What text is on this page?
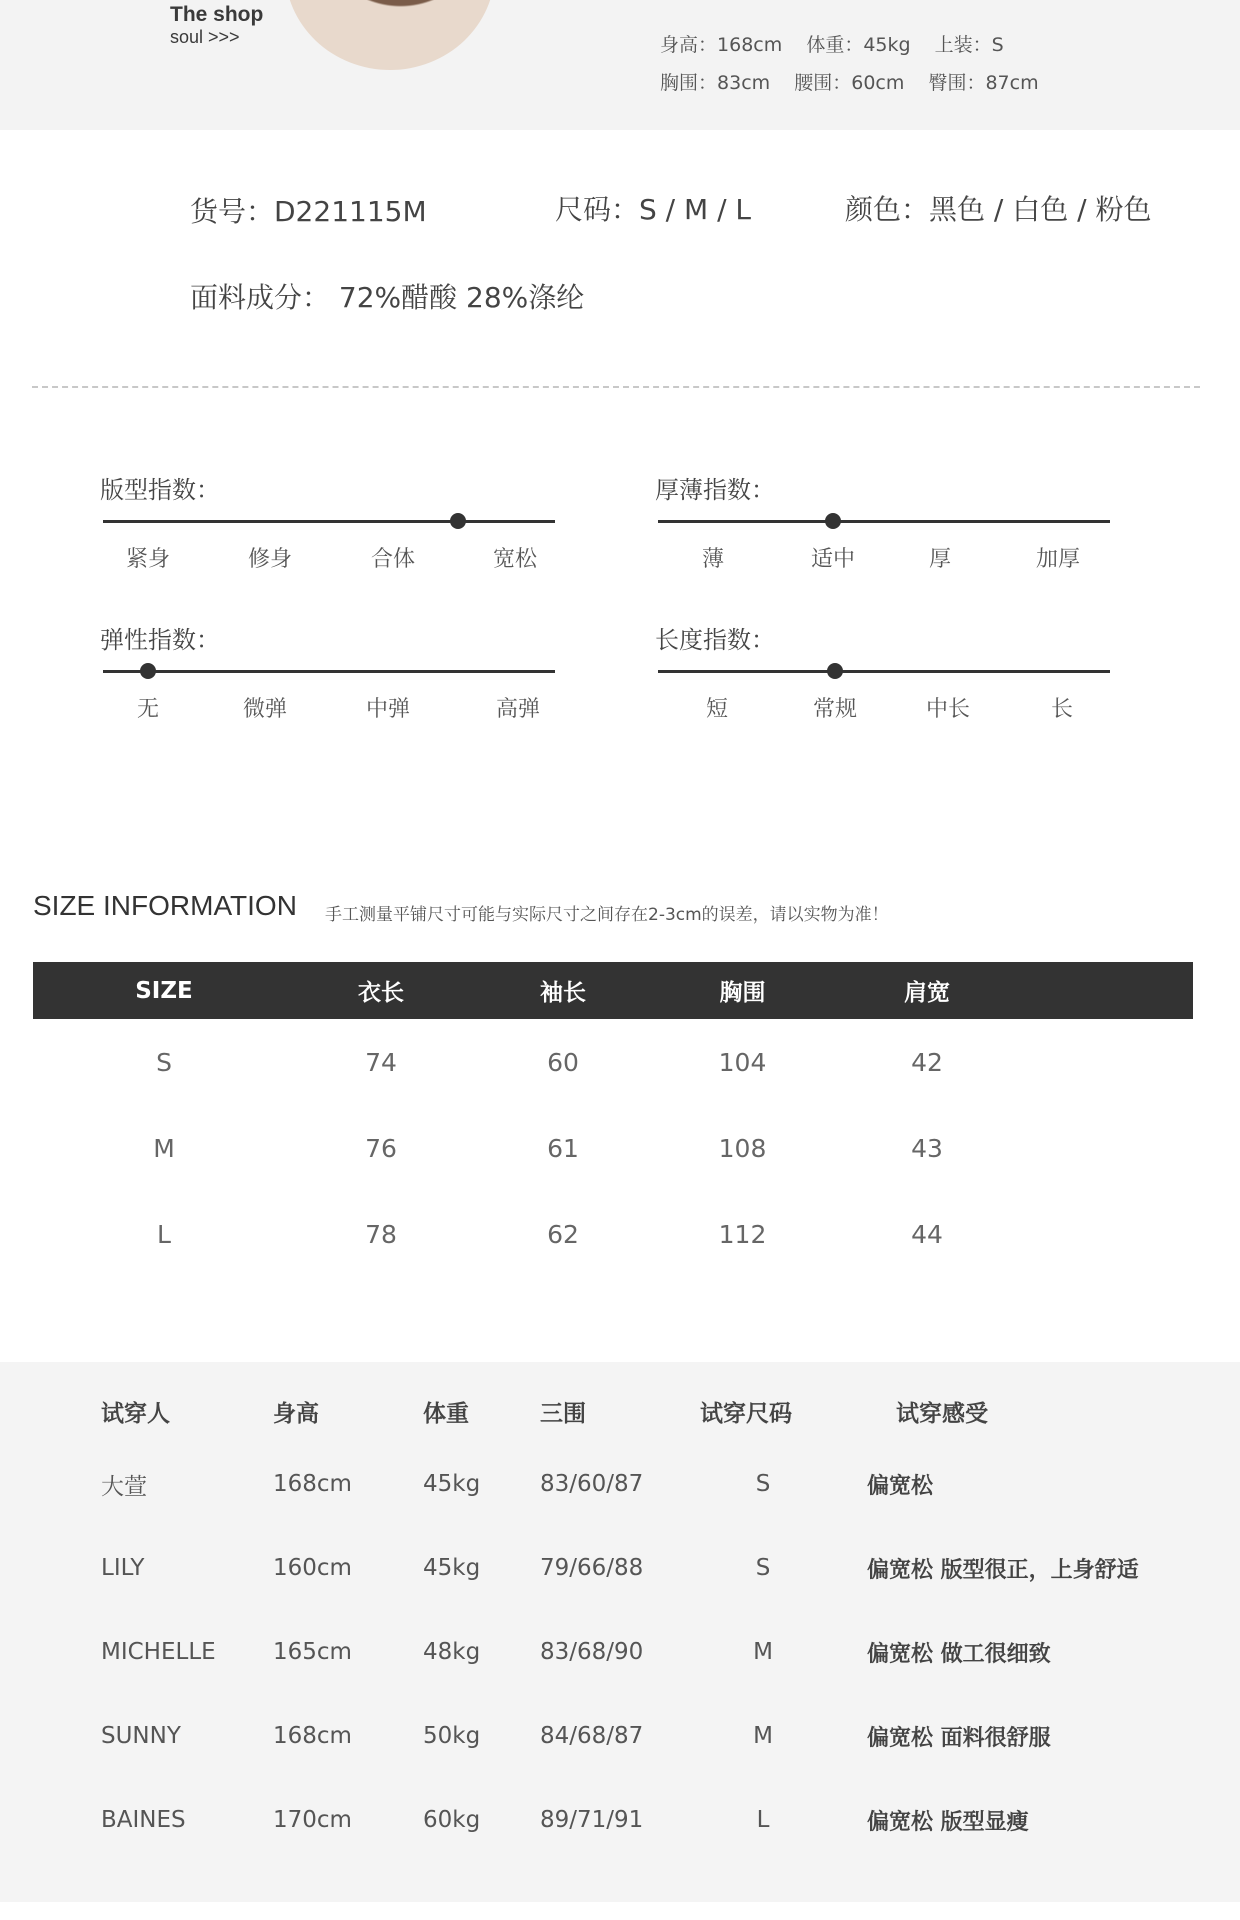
The shop
soul >>>	身高：168cm 体重：45kg 上装：S
胸围：83cm 腰围：60cm 臀围：87cm
货号：D221115M	尺码：S / M / L	颜色：黑色 / 白色 / 粉色
面料成分： 72%醋酸 28%涤纶
版型指数：
紧身	修身	合体	宽松
厚薄指数：
薄	适中	厚	加厚
弹性指数：
无	微弹	中弹	高弹
长度指数：
短	常规	中长	长
SIZE INFORMATION 手工测量平铺尺寸可能与实际尺寸之间存在2-3cm的误差，请以实物为准！
SIZE	衣长	袖长	胸围	肩宽	
S	74	60	104	42	
M	76	61	108	43	
L	78	62	112	44	
试穿人	身高	体重	三围	试穿尺码	试穿感受
大萱	168cm	45kg	83/60/87	S	偏宽松
LILY	160cm	45kg	79/66/88	S	偏宽松 版型很正，上身舒适
MICHELLE	165cm	48kg	83/68/90	M	偏宽松 做工很细致
SUNNY	168cm	50kg	84/68/87	M	偏宽松 面料很舒服
BAINES	170cm	60kg	89/71/91	L	偏宽松 版型显瘦
